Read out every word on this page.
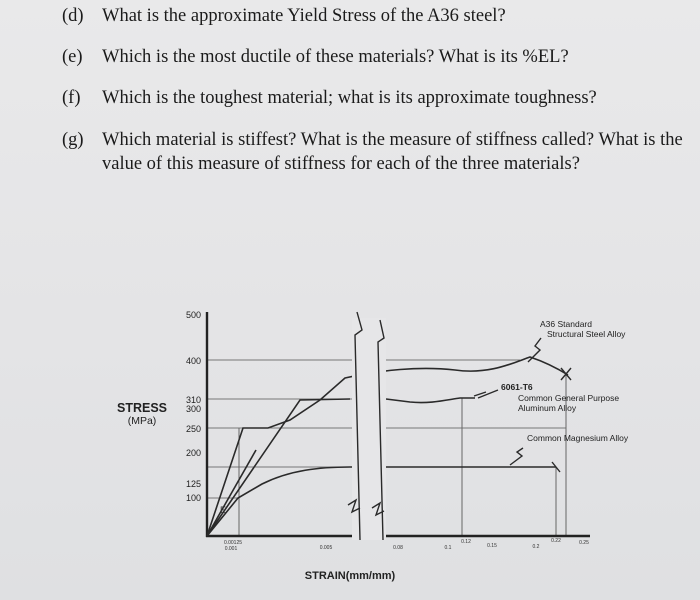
(d) What is the approximate Yield Stress of the A36 steel?
(e) Which is the most ductile of these materials? What is its %EL?
(f) Which is the toughest material; what is its approximate toughness?
(g) Which material is stiffest? What is the measure of stiffness called? What is the value of this measure of stiffness for each of the three materials?
500
400
310
300
250
200
125
100
STRESS
(MPa)
E
0.00125
0.001	0.005	0.08	0.1
0.12
0.15	0.2
0.22	0.25
STRAIN(mm/mm)
A36 Standard
Structural Steel Alloy
6061-T6
Common General Purpose
Aluminum Alloy
Common Magnesium Alloy
